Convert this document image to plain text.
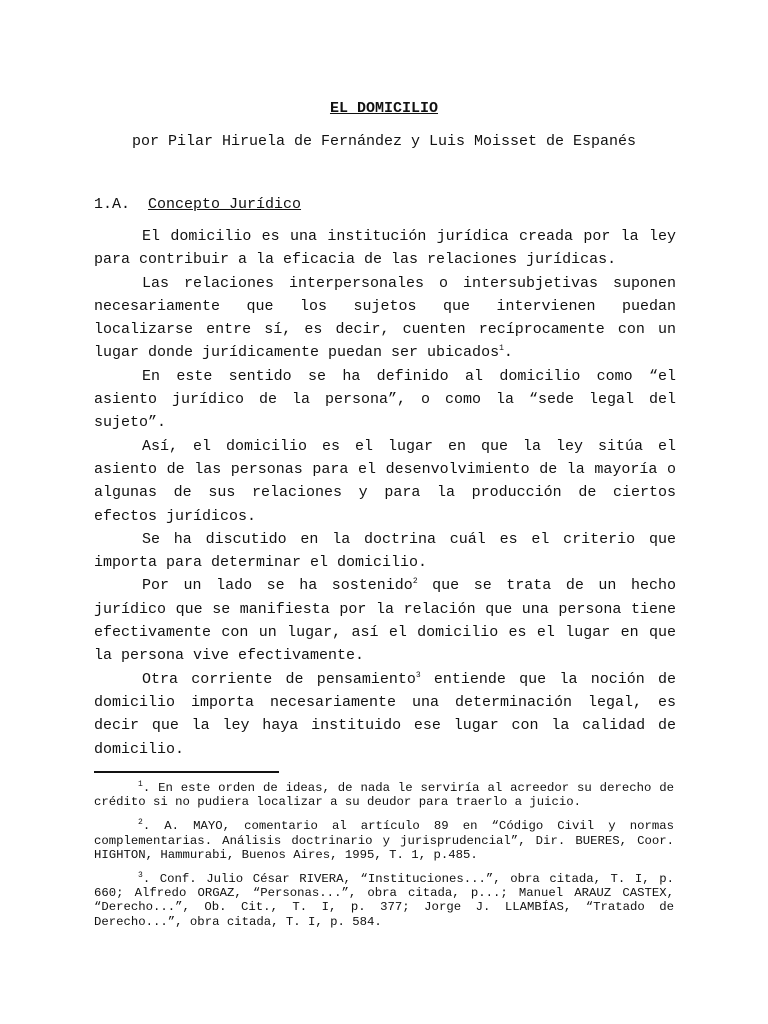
EL DOMICILIO
por Pilar Hiruela de Fernández y Luis Moisset de Espanés
1.A. Concepto Jurídico

El domicilio es una institución jurídica creada por la ley para contribuir a la eficacia de las relaciones jurídicas.

Las relaciones interpersonales o intersubjetivas suponen necesariamente que los sujetos que intervienen puedan localizarse entre sí, es decir, cuenten recíprocamente con un lugar donde jurídicamente puedan ser ubicados$^1$.

En este sentido se ha definido al domicilio como “el asiento jurídico de la persona”, o como la “sede legal del sujeto”.

Así, el domicilio es el lugar en que la ley sitúa el asiento de las personas para el desenvolvimiento de la mayoría o algunas de sus relaciones y para la producción de ciertos efectos jurídicos.

Se ha discutido en la doctrina cuál es el criterio que importa para determinar el domicilio.

Por un lado se ha sostenido$^2$ que se trata de un hecho jurídico que se manifiesta por la relación que una persona tiene efectivamente con un lugar, así el domicilio es el lugar en que la persona vive efectivamente.

Otra corriente de pensamiento$^3$ entiende que la noción de domicilio importa necesariamente una determinación legal, es decir que la ley haya instituido ese lugar con la calidad de domicilio.

$^1$. En este orden de ideas, de nada le serviría al acreedor su derecho de crédito si no pudiera localizar a su deudor para traerlo a juicio.

$^2$. A. MAYO, comentario al artículo 89 en “Código Civil y normas complementarias. Análisis doctrinario y jurisprudencial”, Dir. BUERES, Coor. HIGHTON, Hammurabi, Buenos Aires, 1995, T. 1, p.485.

$^3$. Conf. Julio César RIVERA, “Instituciones...”, obra citada, T. I, p. 660; Alfredo ORGAZ, “Personas...”, obra citada, p...; Manuel ARAUZ CASTEX, “Derecho...”, Ob. Cit., T. I, p. 377; Jorge J. LLAMBÍAS, “Tratado de Derecho...”, obra citada, T. I, p. 584.
